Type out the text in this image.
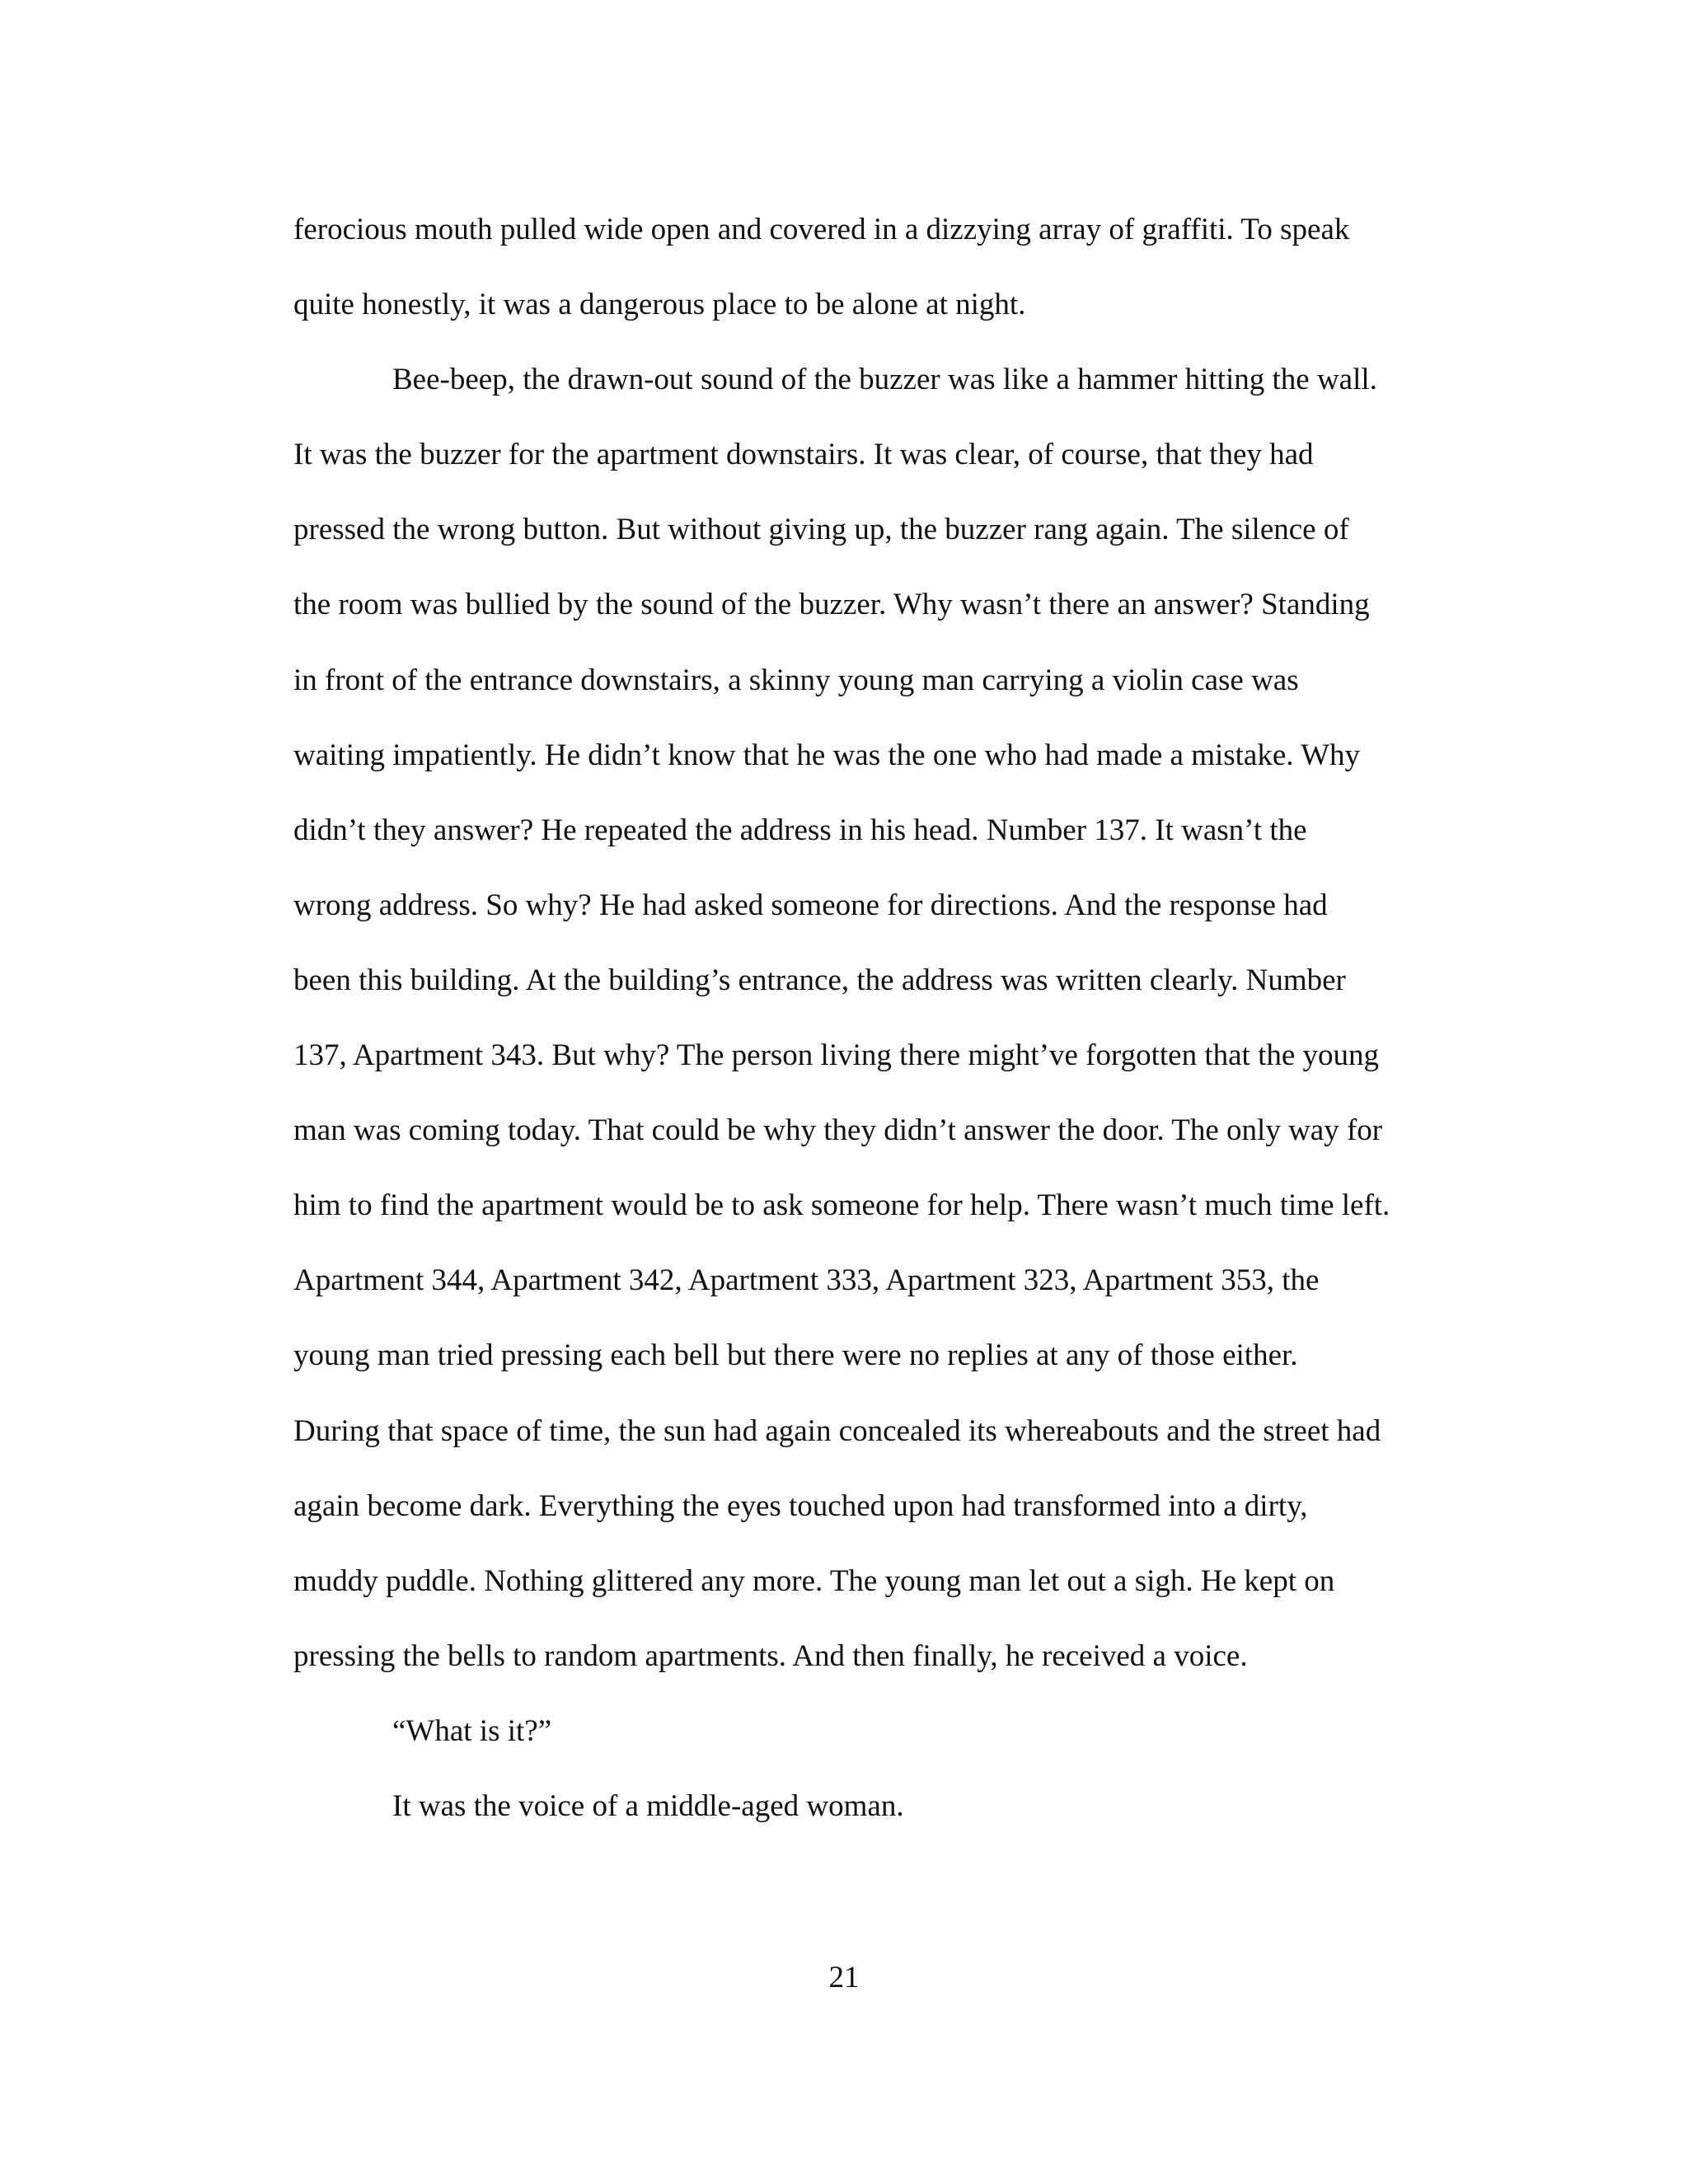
ferocious mouth pulled wide open and covered in a dizzying array of graffiti. To speak
quite honestly, it was a dangerous place to be alone at night.

Bee-beep, the drawn-out sound of the buzzer was like a hammer hitting the wall.
It was the buzzer for the apartment downstairs. It was clear, of course, that they had
pressed the wrong button. But without giving up, the buzzer rang again. The silence of
the room was bullied by the sound of the buzzer. Why wasn’t there an answer? Standing
in front of the entrance downstairs, a skinny young man carrying a violin case was
waiting impatiently. He didn’t know that he was the one who had made a mistake. Why
didn’t they answer? He repeated the address in his head. Number 137. It wasn’t the
wrong address. So why? He had asked someone for directions. And the response had
been this building. At the building’s entrance, the address was written clearly. Number
137, Apartment 343. But why? The person living there might’ve forgotten that the young
man was coming today. That could be why they didn’t answer the door. The only way for
him to find the apartment would be to ask someone for help. There wasn’t much time left.
Apartment 344, Apartment 342, Apartment 333, Apartment 323, Apartment 353, the
young man tried pressing each bell but there were no replies at any of those either.
During that space of time, the sun had again concealed its whereabouts and the street had
again become dark. Everything the eyes touched upon had transformed into a dirty,
muddy puddle. Nothing glittered any more. The young man let out a sigh. He kept on
pressing the bells to random apartments. And then finally, he received a voice.

“What is it?”

It was the voice of a middle-aged woman.

21
